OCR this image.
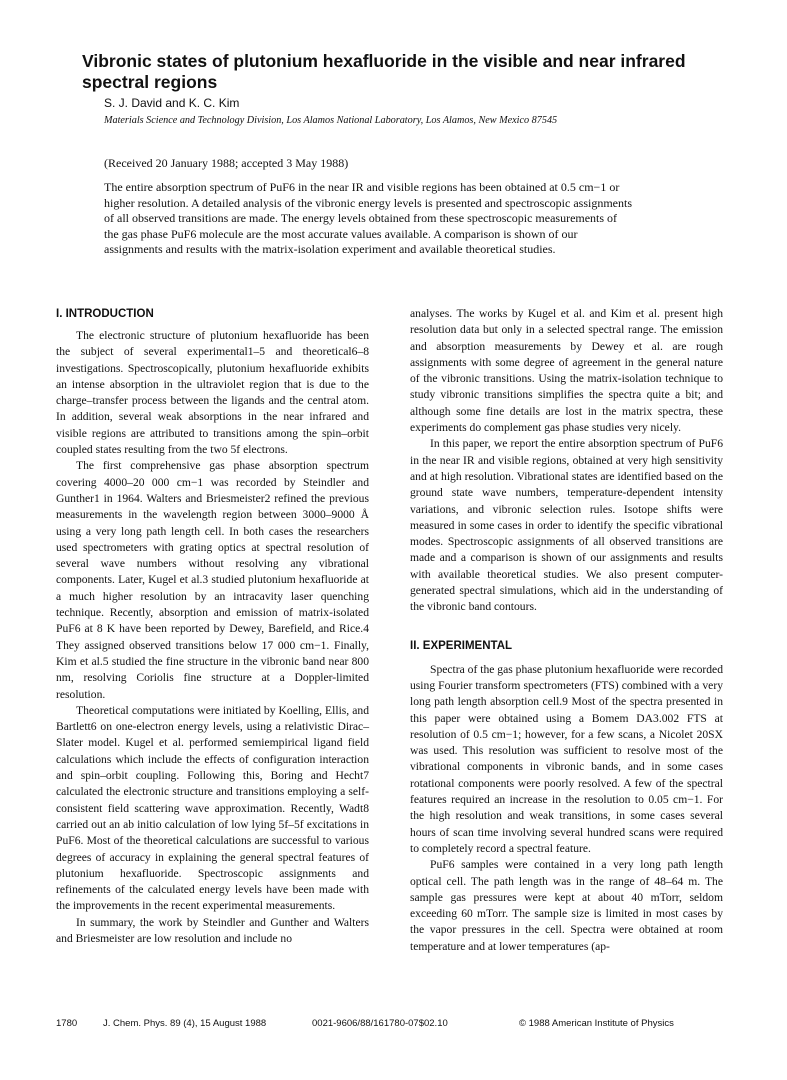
Vibronic states of plutonium hexafluoride in the visible and near infrared spectral regions
S. J. David and K. C. Kim
Materials Science and Technology Division, Los Alamos National Laboratory, Los Alamos, New Mexico 87545
(Received 20 January 1988; accepted 3 May 1988)

The entire absorption spectrum of PuF6 in the near IR and visible regions has been obtained at 0.5 cm−1 or higher resolution. A detailed analysis of the vibronic energy levels is presented and spectroscopic assignments of all observed transitions are made. The energy levels obtained from these spectroscopic measurements of the gas phase PuF6 molecule are the most accurate values available. A comparison is shown of our assignments and results with the matrix-isolation experiment and available theoretical studies.

I. INTRODUCTION

The electronic structure of plutonium hexafluoride has been the subject of several experimental1–5 and theoretical6–8 investigations. Spectroscopically, plutonium hexafluoride exhibits an intense absorption in the ultraviolet region that is due to the charge–transfer process between the ligands and the central atom. In addition, several weak absorptions in the near infrared and visible regions are attributed to transitions among the spin–orbit coupled states resulting from the two 5f electrons.

The first comprehensive gas phase absorption spectrum covering 4000–20 000 cm−1 was recorded by Steindler and Gunther1 in 1964. Walters and Briesmeister2 refined the previous measurements in the wavelength region between 3000–9000 Å using a very long path length cell. In both cases the researchers used spectrometers with grating optics at spectral resolution of several wave numbers without resolving any vibrational components. Later, Kugel et al.3 studied plutonium hexafluoride at a much higher resolution by an intracavity laser quenching technique. Recently, absorption and emission of matrix-isolated PuF6 at 8 K have been reported by Dewey, Barefield, and Rice.4 They assigned observed transitions below 17 000 cm−1. Finally, Kim et al.5 studied the fine structure in the vibronic band near 800 nm, resolving Coriolis fine structure at a Doppler-limited resolution.

Theoretical computations were initiated by Koelling, Ellis, and Bartlett6 on one-electron energy levels, using a relativistic Dirac–Slater model. Kugel et al. performed semiempirical ligand field calculations which include the effects of configuration interaction and spin–orbit coupling. Following this, Boring and Hecht7 calculated the electronic structure and transitions employing a self-consistent field scattering wave approximation. Recently, Wadt8 carried out an ab initio calculation of low lying 5f–5f excitations in PuF6. Most of the theoretical calculations are successful to various degrees of accuracy in explaining the general spectral features of plutonium hexafluoride. Spectroscopic assignments and refinements of the calculated energy levels have been made with the improvements in the recent experimental measurements.

In summary, the work by Steindler and Gunther and Walters and Briesmeister are low resolution and include no

analyses. The works by Kugel et al. and Kim et al. present high resolution data but only in a selected spectral range. The emission and absorption measurements by Dewey et al. are rough assignments with some degree of agreement in the general nature of the vibronic transitions. Using the matrix-isolation technique to study vibronic transitions simplifies the spectra quite a bit; and although some fine details are lost in the matrix spectra, these experiments do complement gas phase studies very nicely.

In this paper, we report the entire absorption spectrum of PuF6 in the near IR and visible regions, obtained at very high sensitivity and at high resolution. Vibrational states are identified based on the ground state wave numbers, temperature-dependent intensity variations, and vibronic selection rules. Isotope shifts were measured in some cases in order to identify the specific vibrational modes. Spectroscopic assignments of all observed transitions are made and a comparison is shown of our assignments and results with available theoretical studies. We also present computer-generated spectral simulations, which aid in the understanding of the vibronic band contours.

II. EXPERIMENTAL

Spectra of the gas phase plutonium hexafluoride were recorded using Fourier transform spectrometers (FTS) combined with a very long path length absorption cell.9 Most of the spectra presented in this paper were obtained using a Bomem DA3.002 FTS at resolution of 0.5 cm−1; however, for a few scans, a Nicolet 20SX was used. This resolution was sufficient to resolve most of the vibrational components in vibronic bands, and in some cases rotational components were poorly resolved. A few of the spectral features required an increase in the resolution to 0.05 cm−1. For the high resolution and weak transitions, in some cases several hours of scan time involving several hundred scans were required to completely record a spectral feature.

PuF6 samples were contained in a very long path length optical cell. The path length was in the range of 48–64 m. The sample gas pressures were kept at about 40 mTorr, seldom exceeding 60 mTorr. The sample size is limited in most cases by the vapor pressures in the cell. Spectra were obtained at room temperature and at lower temperatures (ap-

1780	J. Chem. Phys. 89 (4), 15 August 1988	0021-9606/88/161780-07$02.10	© 1988 American Institute of Physics
